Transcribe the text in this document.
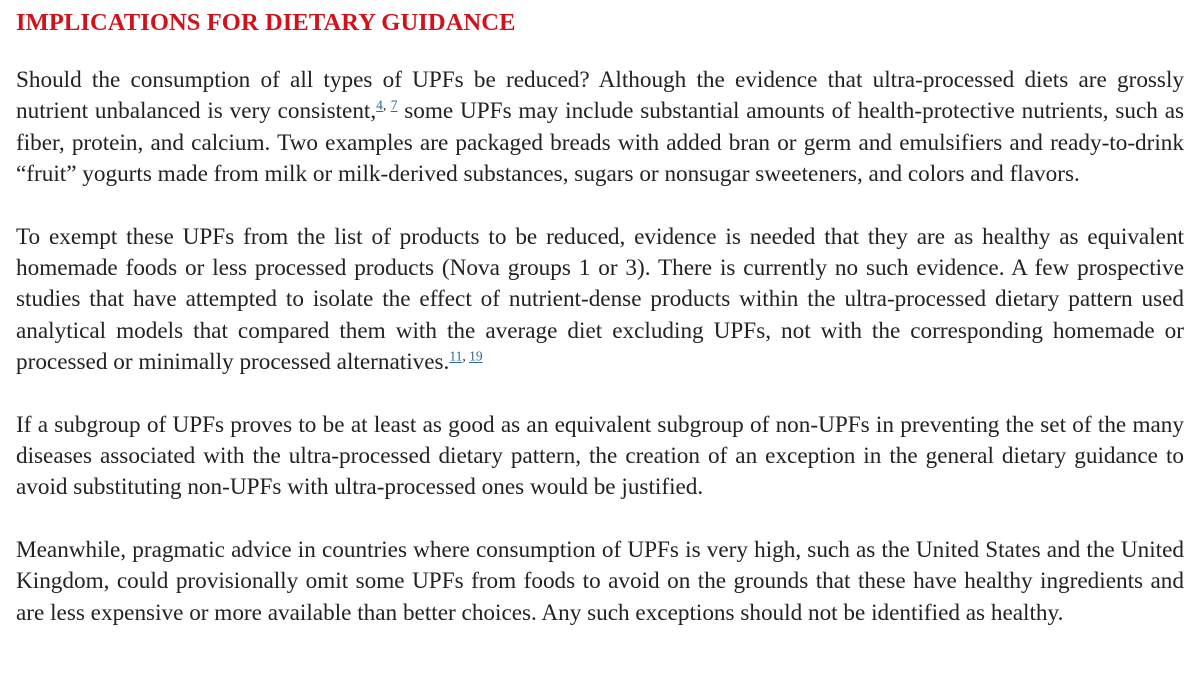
IMPLICATIONS FOR DIETARY GUIDANCE

Should the consumption of all types of UPFs be reduced? Although the evidence that ultra-processed diets are grossly nutrient unbalanced is very consistent,$^{4,}$ $^7$ some UPFs may include substantial amounts of health-protective nutrients, such as fiber, protein, and calcium. Two examples are packaged breads with added bran or germ and emulsifiers and ready-to-drink “fruit” yogurts made from milk or milk-derived substances, sugars or nonsugar sweeteners, and colors and flavors.

To exempt these UPFs from the list of products to be reduced, evidence is needed that they are as healthy as equivalent homemade foods or less processed products (Nova groups 1 or 3). There is currently no such evidence. A few prospective studies that have attempted to isolate the effect of nutrient-dense products within the ultra-processed dietary pattern used analytical models that compared them with the average diet excluding UPFs, not with the corresponding homemade or processed or minimally processed alternatives.$^{11,}$ $^{19}$

If a subgroup of UPFs proves to be at least as good as an equivalent subgroup of non-UPFs in preventing the set of the many diseases associated with the ultra-processed dietary pattern, the creation of an exception in the general dietary guidance to avoid substituting non-UPFs with ultra-processed ones would be justified.

Meanwhile, pragmatic advice in countries where consumption of UPFs is very high, such as the United States and the United Kingdom, could provisionally omit some UPFs from foods to avoid on the grounds that these have healthy ingredients and are less expensive or more available than better choices. Any such exceptions should not be identified as healthy.
